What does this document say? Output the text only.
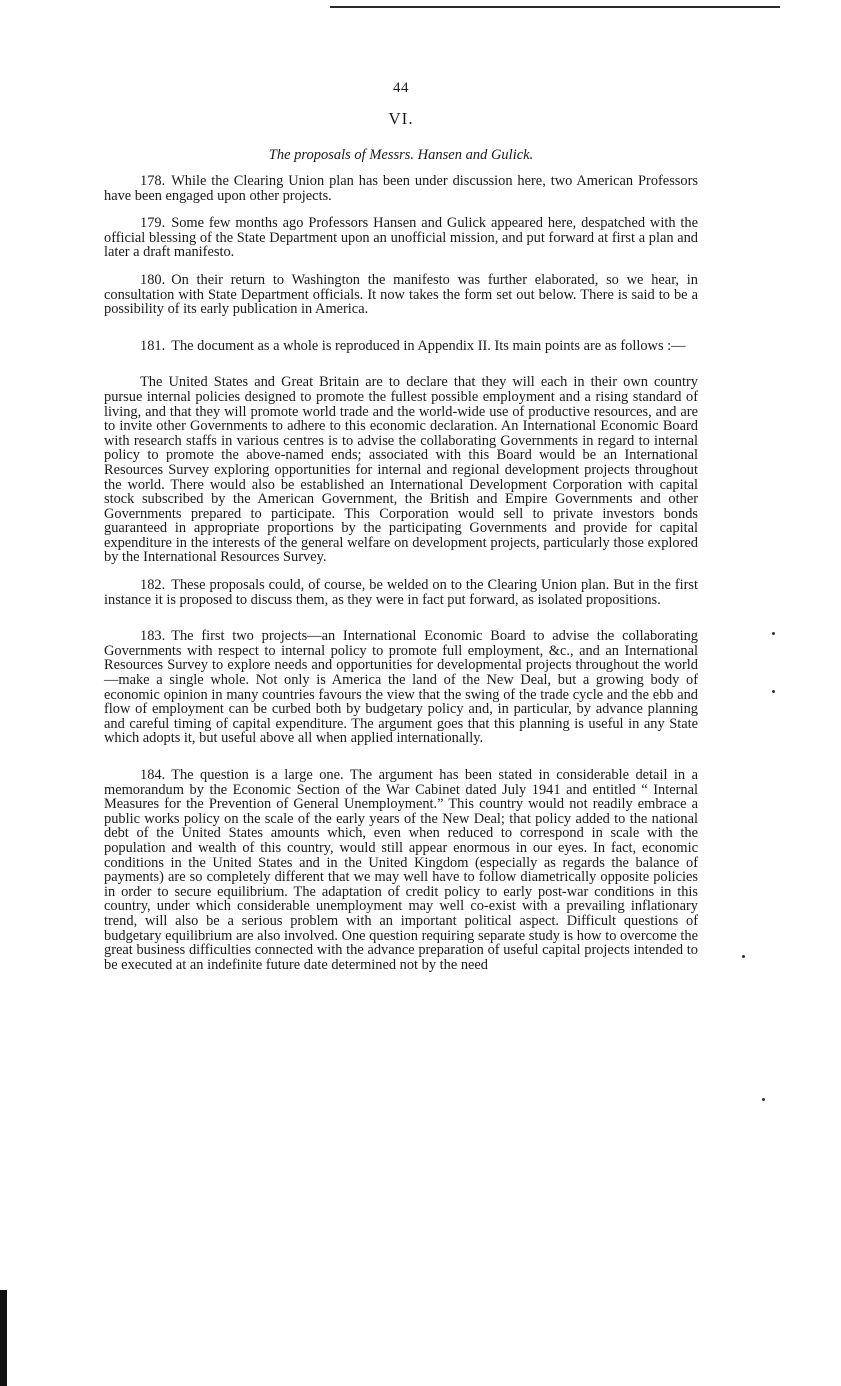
44
VI.
The proposals of Messrs. Hansen and Gulick.

178. While the Clearing Union plan has been under discussion here, two American Professors have been engaged upon other projects.

179. Some few months ago Professors Hansen and Gulick appeared here, despatched with the official blessing of the State Department upon an unofficial mission, and put forward at first a plan and later a draft manifesto.

180. On their return to Washington the manifesto was further elaborated, so we hear, in consultation with State Department officials. It now takes the form set out below. There is said to be a possibility of its early publication in America.

181. The document as a whole is reproduced in Appendix II. Its main points are as follows :—

The United States and Great Britain are to declare that they will each in their own country pursue internal policies designed to promote the fullest possible employment and a rising standard of living, and that they will promote world trade and the world-wide use of productive resources, and are to invite other Governments to adhere to this economic declaration. An International Economic Board with research staffs in various centres is to advise the collaborating Governments in regard to internal policy to promote the above-named ends; associated with this Board would be an International Resources Survey exploring opportunities for internal and regional development projects throughout the world. There would also be established an International Development Corporation with capital stock subscribed by the American Government, the British and Empire Governments and other Governments prepared to participate. This Corporation would sell to private investors bonds guaranteed in appropriate proportions by the participating Governments and provide for capital expenditure in the interests of the general welfare on development projects, particularly those explored by the International Resources Survey.

182. These proposals could, of course, be welded on to the Clearing Union plan. But in the first instance it is proposed to discuss them, as they were in fact put forward, as isolated propositions.

183. The first two projects—an International Economic Board to advise the collaborating Governments with respect to internal policy to promote full employment, &c., and an International Resources Survey to explore needs and opportunities for developmental projects throughout the world—make a single whole. Not only is America the land of the New Deal, but a growing body of economic opinion in many countries favours the view that the swing of the trade cycle and the ebb and flow of employment can be curbed both by budgetary policy and, in particular, by advance planning and careful timing of capital expenditure. The argument goes that this planning is useful in any State which adopts it, but useful above all when applied internationally.

184. The question is a large one. The argument has been stated in considerable detail in a memorandum by the Economic Section of the War Cabinet dated July 1941 and entitled “ Internal Measures for the Prevention of General Unemployment.” This country would not readily embrace a public works policy on the scale of the early years of the New Deal; that policy added to the national debt of the United States amounts which, even when reduced to correspond in scale with the population and wealth of this country, would still appear enormous in our eyes. In fact, economic conditions in the United States and in the United Kingdom (especially as regards the balance of payments) are so completely different that we may well have to follow diametrically opposite policies in order to secure equilibrium. The adaptation of credit policy to early post-war conditions in this country, under which considerable unemployment may well co-exist with a prevailing inflationary trend, will also be a serious problem with an important political aspect. Difficult questions of budgetary equilibrium are also involved. One question requiring separate study is how to overcome the great business difficulties connected with the advance preparation of useful capital projects intended to be executed at an indefinite future date determined not by the need
